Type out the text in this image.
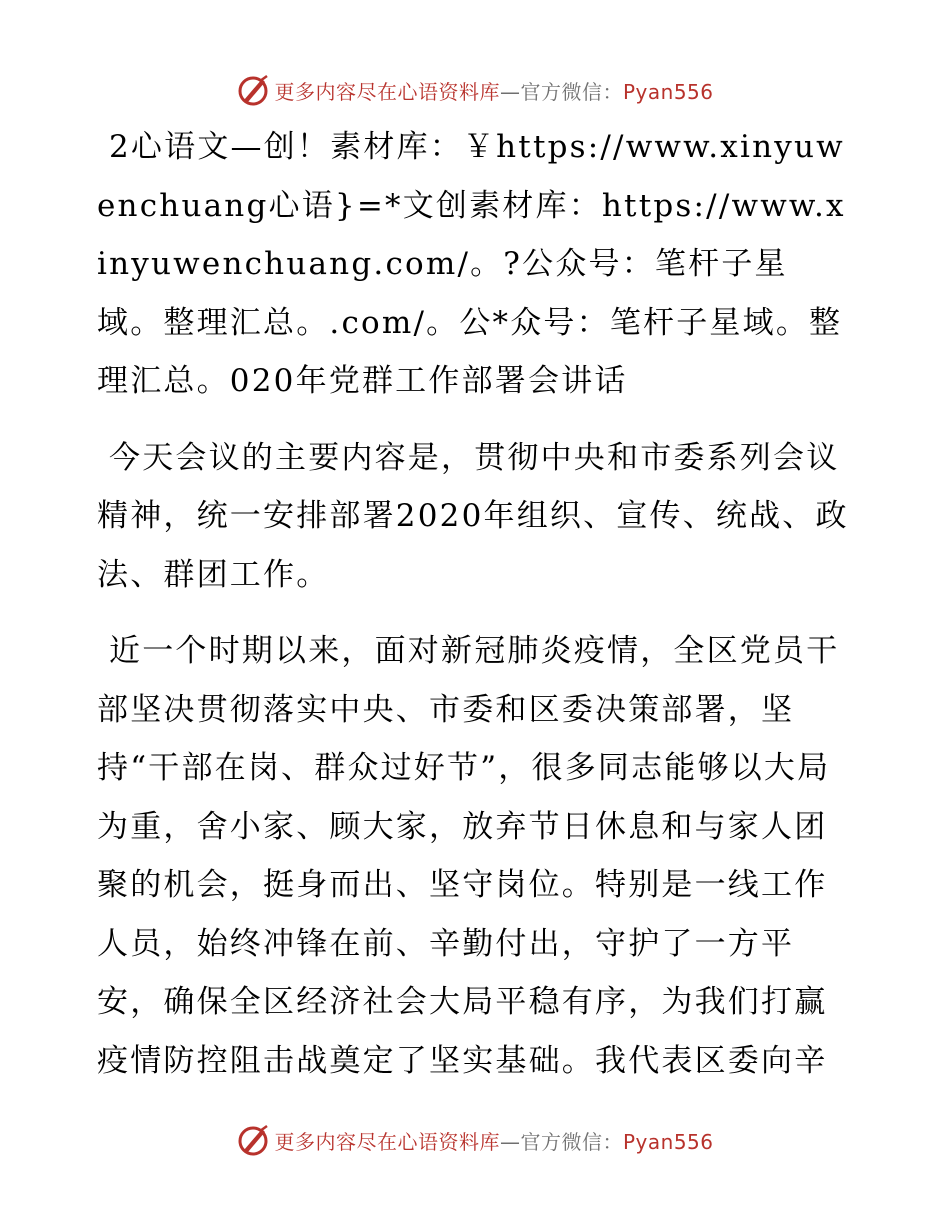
更多内容尽在心语资料库—官方微信：Pyan556

2心语文—创！素材库：￥https://www.xinyuwenchuang心语}=*文创素材库：https://www.xinyuwenchuang.com/。?公众号：笔杆子星域。整理汇总。.com/。公*众号：笔杆子星域。整理汇总。020年党群工作部署会讲话

今天会议的主要内容是，贯彻中央和市委系列会议精神，统一安排部署2020年组织、宣传、统战、政法、群团工作。

近一个时期以来，面对新冠肺炎疫情，全区党员干部坚决贯彻落实中央、市委和区委决策部署，坚持“干部在岗、群众过好节”，很多同志能够以大局为重，舍小家、顾大家，放弃节日休息和与家人团聚的机会，挺身而出、坚守岗位。特别是一线工作人员，始终冲锋在前、辛勤付出，守护了一方平安，确保全区经济社会大局平稳有序，为我们打赢疫情防控阻击战奠定了坚实基础。我代表区委向辛

更多内容尽在心语资料库—官方微信：Pyan556
